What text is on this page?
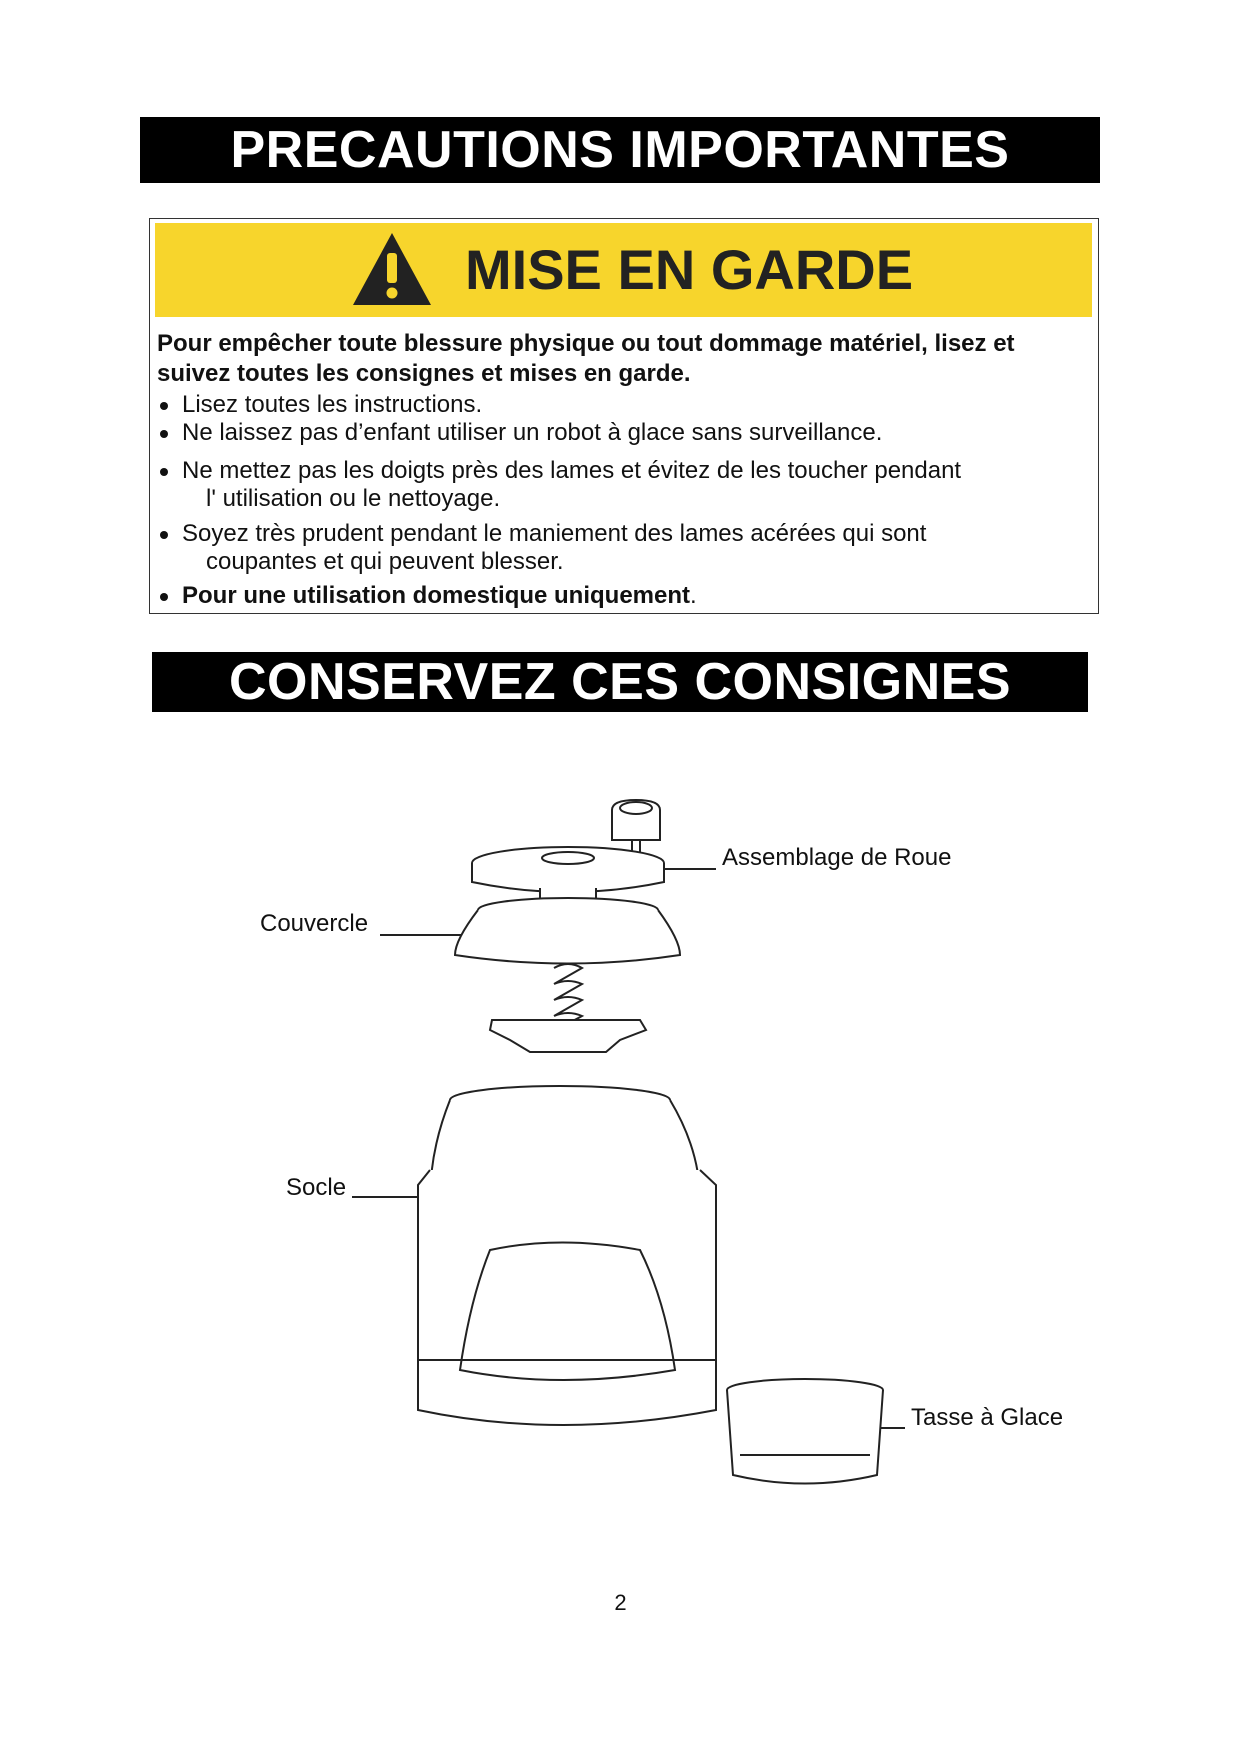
PRECAUTIONS IMPORTANTES
MISE EN GARDE

Pour empêcher toute blessure physique ou tout dommage matériel, lisez et suivez toutes les consignes et mises en garde.

Lisez toutes les instructions.
Ne laissez pas d’enfant utiliser un robot à glace sans surveillance.
Ne mettez pas les doigts près des lames et évitez de les toucher pendant
l' utilisation ou le nettoyage.
Soyez très prudent pendant le maniement des lames acérées qui sont
coupantes et qui peuvent blesser.
Pour une utilisation domestique uniquement.
CONSERVEZ CES CONSIGNES
Assemblage de Roue
Couvercle
Socle
Tasse à Glace
2
